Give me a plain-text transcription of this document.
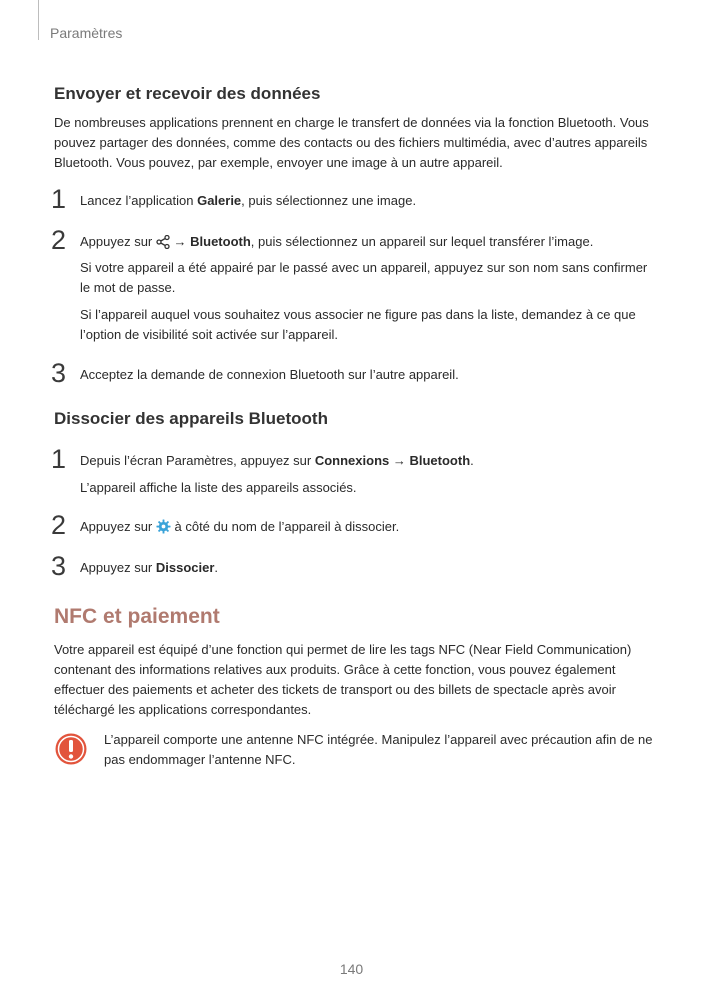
Paramètres
Envoyer et recevoir des données
De nombreuses applications prennent en charge le transfert de données via la fonction Bluetooth. Vous pouvez partager des données, comme des contacts ou des fichiers multimédia, avec d’autres appareils Bluetooth. Vous pouvez, par exemple, envoyer une image à un autre appareil.
1 Lancez l’application Galerie, puis sélectionnez une image.
2 Appuyez sur  → Bluetooth, puis sélectionnez un appareil sur lequel transférer l’image.
Si votre appareil a été appairé par le passé avec un appareil, appuyez sur son nom sans confirmer le mot de passe.
Si l’appareil auquel vous souhaitez vous associer ne figure pas dans la liste, demandez à ce que l’option de visibilité soit activée sur l’appareil.
3 Acceptez la demande de connexion Bluetooth sur l’autre appareil.
Dissocier des appareils Bluetooth
1 Depuis l’écran Paramètres, appuyez sur Connexions → Bluetooth.
L’appareil affiche la liste des appareils associés.
2 Appuyez sur  à côté du nom de l’appareil à dissocier.
3 Appuyez sur Dissocier.
NFC et paiement
Votre appareil est équipé d’une fonction qui permet de lire les tags NFC (Near Field Communication) contenant des informations relatives aux produits. Grâce à cette fonction, vous pouvez également effectuer des paiements et acheter des tickets de transport ou des billets de spectacle après avoir téléchargé les applications correspondantes.
L’appareil comporte une antenne NFC intégrée. Manipulez l’appareil avec précaution afin de ne pas endommager l’antenne NFC.
140
